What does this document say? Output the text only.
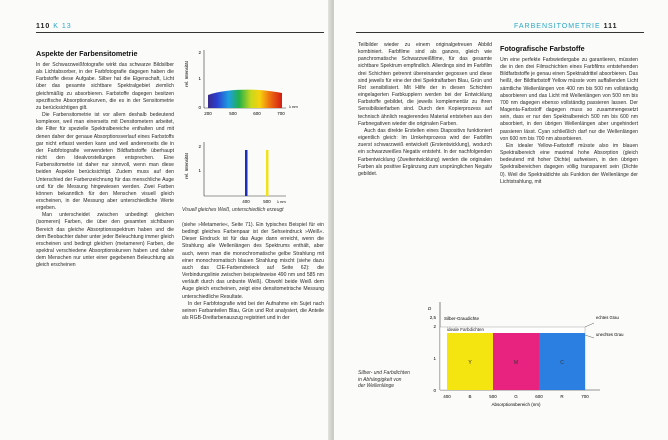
110 K 13
Aspekte der Farbensitometrie

In der Schwarzweißfotografie wirkt das schwarze Bildsilber als Lichtabsorber, in der Farbfotografie dagegen haben die Farbstoffe diese Aufgabe. Silber hat die Eigenschaft, Licht über das gesamte sichtbare Spektralgebiet ziemlich gleichmäßig zu absorbieren. Farbstoffe dagegen besitzen spezifische Absorptionskurven, die es in der Sensitometrie zu berücksichtigen gilt.

Die Farbensitometrie ist vor allem deshalb bedeutend komplexer, weil man einerseits mit Densitometern arbeitet, die Filter für spezielle Spektralbereiche enthalten und mit denen daher der genaue Absorptionsverlauf eines Farbstoffs gar nicht erfasst werden kann und weil andererseits die in der Farbfotografie verwendeten Bildfarbstoffe überhaupt nicht den Idealvorstellungen entsprechen. Eine Farbensitometrie ist daher nur sinnvoll, wenn man diese beiden Aspekte berücksichtigt. Zudem muss auf den Unterschied der Farbenzeichnung für das menschliche Auge und für die Messung hingewiesen werden. Zwei Farben können bekanntlich für den Menschen visuell gleich erscheinen, in der Messung aber unterschiedliche Werte ergeben.

Man unterscheidet zwischen unbedingt gleichen (isomeren) Farben, die über den gesamten sichtbaren Bereich das gleiche Absorptionsspektrum haben und die dem Beobachter daher unter jeder Beleuchtung immer gleich erscheinen und bedingt gleichen (metameren) Farben, die spektral verschiedene Absorptionskurven haben und daher dem Menschen nur unter einer gegebenen Beleuchtung als gleich erscheinen

rel. Intensität
2
1
0
200	500	600	700
λ nm
rel. Intensität
2
1
400	500 λ nm
Visuell gleiches Weiß, unterschiedlich erzeugt

(siehe »Metamerie«, Seite 71). Ein typisches Beispiel für ein bedingt gleiches Farbenpaar ist der Sehseindruck »Weiß«. Dieser Eindruck ist für das Auge dann erreicht, wenn die Strahlung alle Wellenlängen des Spektrums enthält, aber auch, wenn man die monochromatische gelbe Strahlung mit einer monochromatisch blauen Strahlung mischt (siehe dazu auch das CIE-Farbendreieck auf Seite 62): die Verbindungslinie zwischen beispielsweise 490 nm und 585 nm verläuft durch das unbunte Weiß). Obwohl beide Weiß dem Auge gleich erscheinen, zeigt eine densitometrische Messung unterschiedliche Resultate.

In der Farbfotografie wird bei der Aufnahme ein Sujet nach seinen Farbanteilen Blau, Grün und Rot analysiert, die Anteile als RGB-Dreifarbenauszug registriert und in der

FARBENSITOMETRIE 111

Teilbilder wieder zu einem originalgetreuen Abbild kombiniert. Farbfilme sind als ganzes, gleich wie panchromatische Schwarzweißfilme, für das gesamte sichtbare Spektrum empfindlich. Allerdings sind im Farbfilm drei Schichten getrennt übereinander gegossen und diese sind jeweils für eine der drei Spektralfarben Blau, Grün und Rot sensibilisiert. Mit Hilfe der in diesen Schichten eingelagerten Farbkupplern werden bei der Entwicklung Farbstoffe gebildet, die jeweils komplementär zu ihren Sensibilisierfarben sind. Durch den Kopierprozess auf technisch ähnlich reagierendes Material entstehen aus den Farbnegativen wieder die originalen Farben.

Auch das direkte Erstellen eines Diapositivs funktioniert eigentlich gleich: Im Umkehrprozess wird der Farbfilm zuerst schwarzweiß entwickelt (Erstentwicklung), wodurch ein schwarzweißes Negativ entsteht. In der nachfolgenden Farbentwicklung (Zweitentwicklung) werden die originalen Farben als positive Ergänzung zum ursprünglichen Negativ gebildet.

Fotografische Farbstoffe

Um eine perfekte Farbwiedergabe zu garantieren, müssten die in den drei Filmschichten eines Farbfilms entstehenden Bildfarbstoffe je genau einen Spektraldrittel absorbieren. Das heißt, der Bildfarbstoff Yellow müsste vom auffallenden Licht sämtliche Wellenlängen von 400 nm bis 500 nm vollständig absorbieren und das Licht mit Wellenlängen von 500 nm bis 700 nm dagegen ebenso vollständig passieren lassen. Der Magenta-Farbstoff dagegen muss so zusammengesetzt sein, dass er nur den Spektralbereich 500 nm bis 600 nm absorbiert, in den übrigen Wellenlängen aber ungehindert passieren lässt. Cyan schließlich darf nur die Wellenlängen von 600 nm bis 700 nm absorbieren.

Ein idealer Yellow-Farbstoff müsste also im blauen Spektralbereich eine maximal hohe Absorption (gleich bedeutend mit hoher Dichte) aufweisen, in den übrigen Spektralbereichen dagegen völlig transparent sein (Dichte 0). Weil die Spektraldichte als Funktion der Wellenlänge der Lichtstrahlung, mit

D
2,5
2
1
0
Y	M	C
Silber-Graudichte
ideale Farbdichten
echtes Grau
unechtes Grau
400	B	500	G	600	R	700
Absorptionsbereich (nm)
Silber- und Farbdichten in Abhängigkeit von der Wellenlänge
